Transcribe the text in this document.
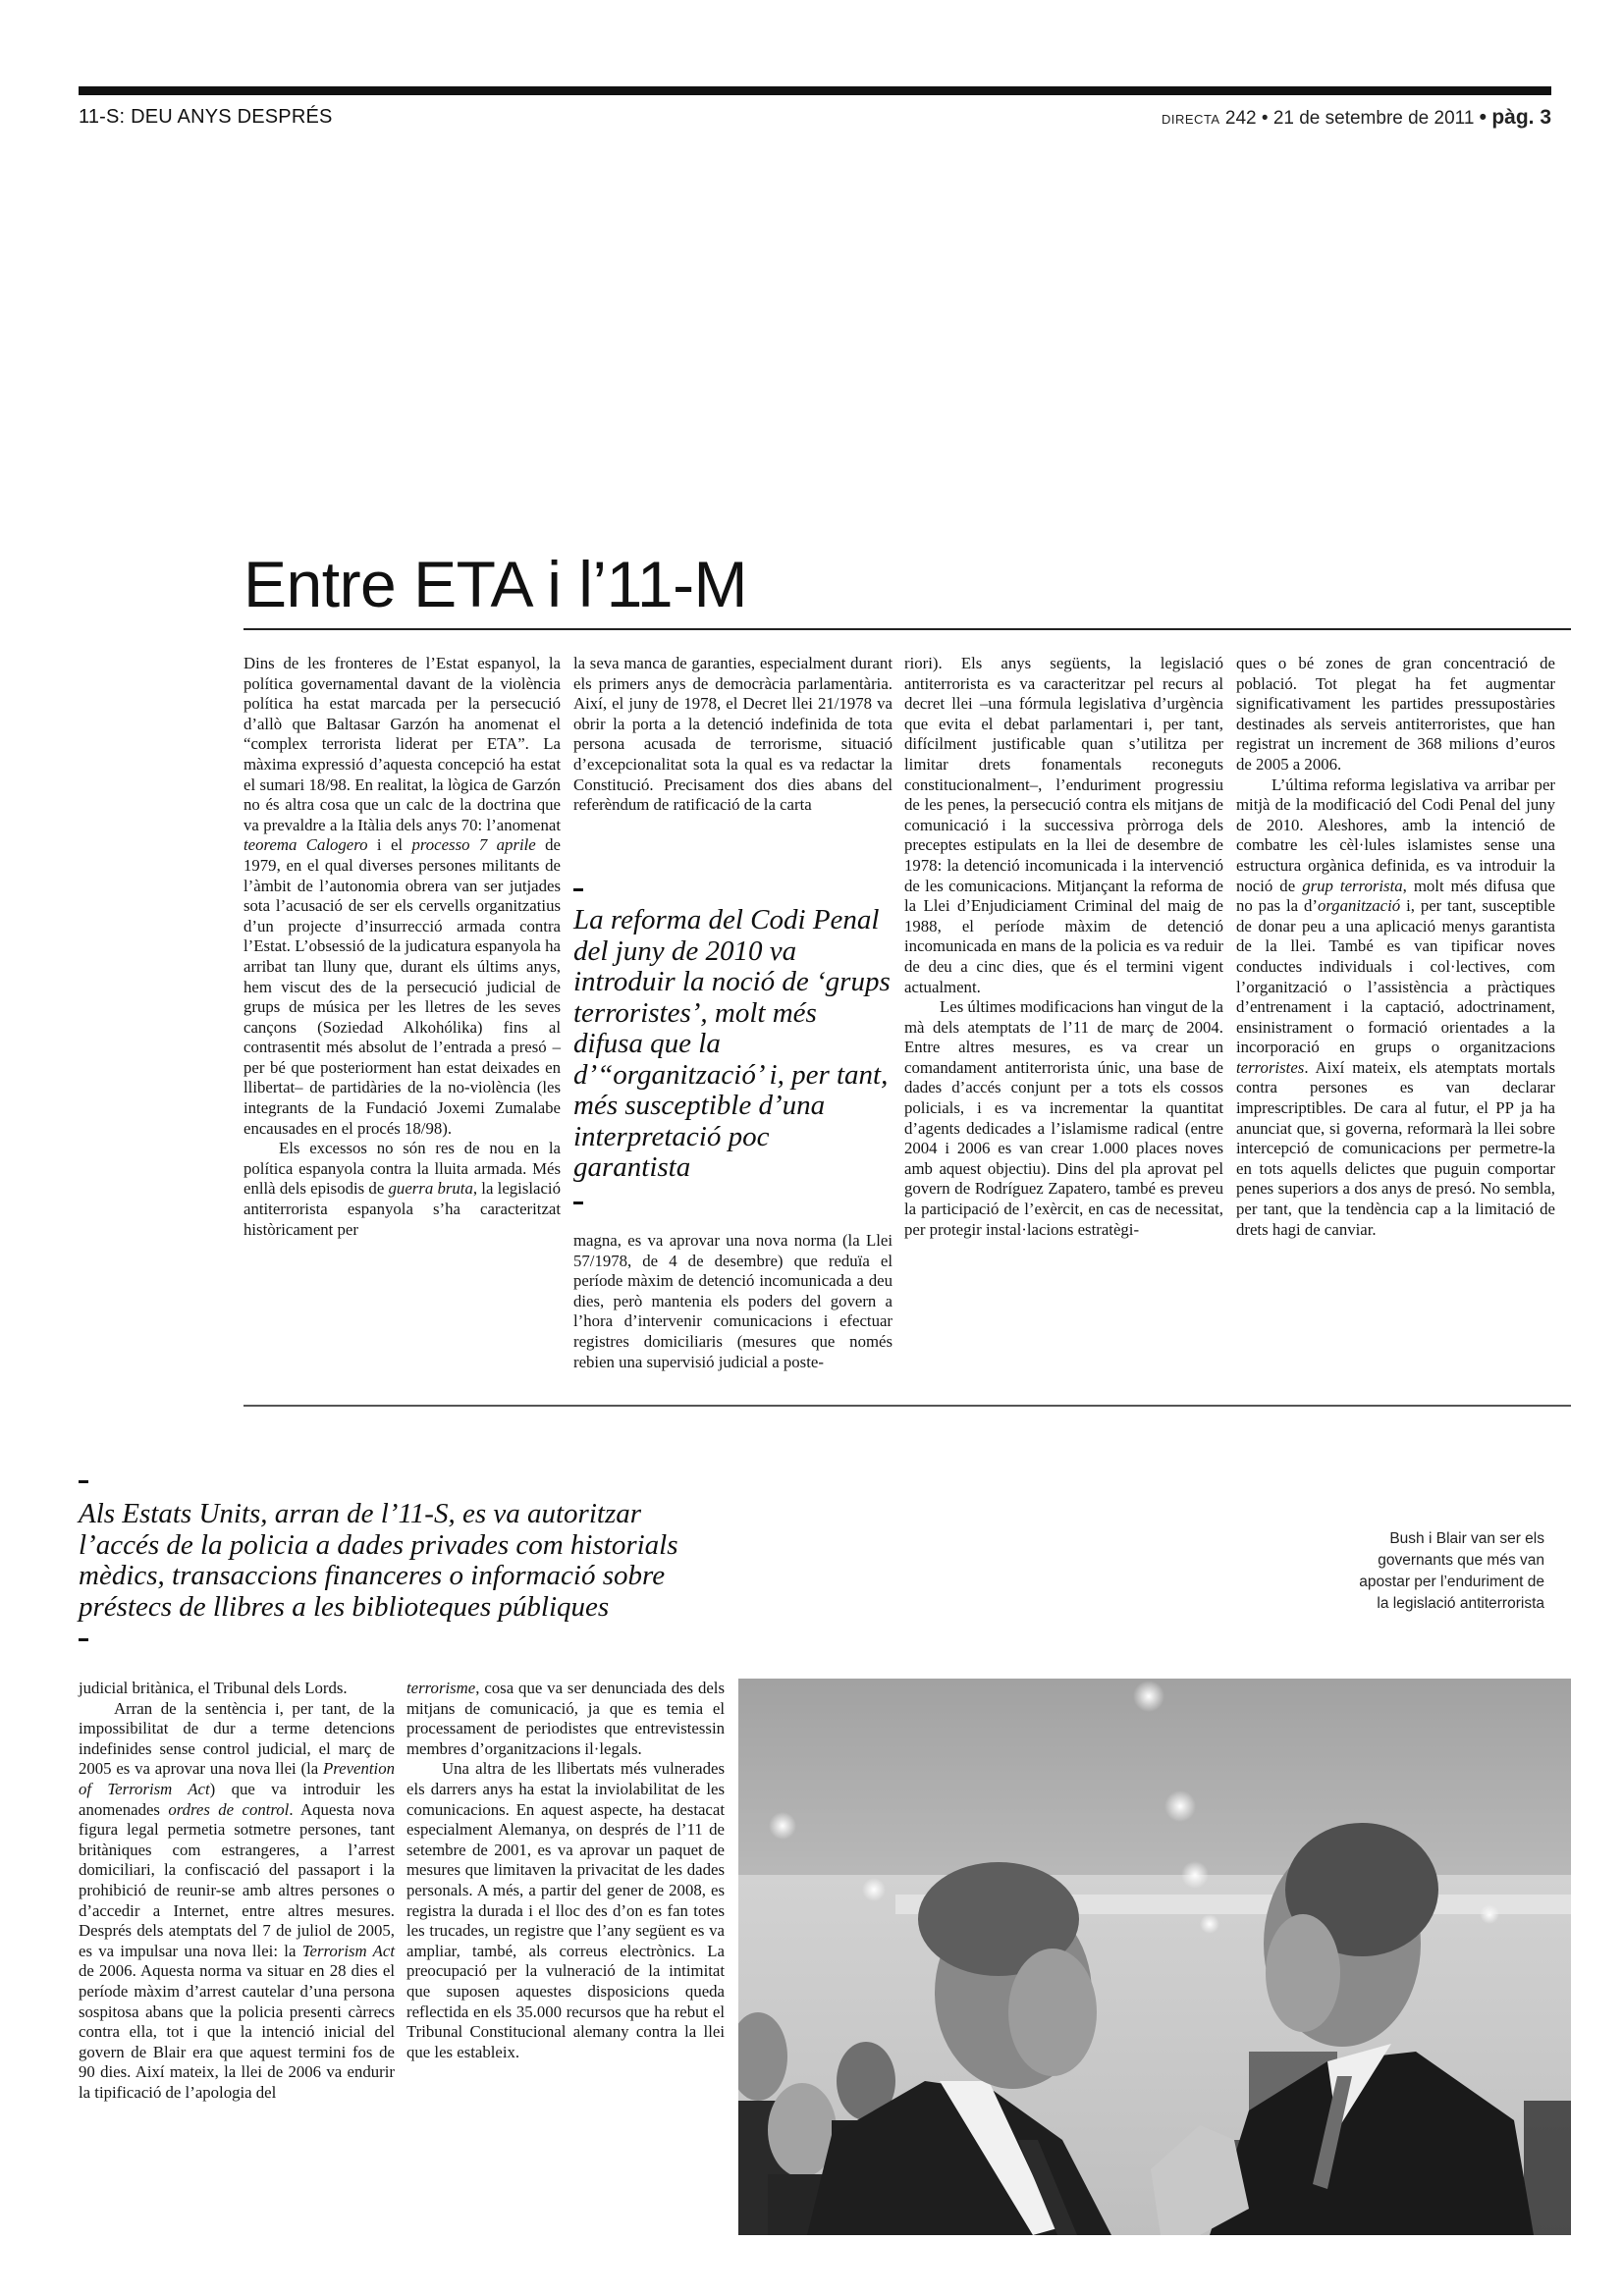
11-S: DEU ANYS DESPRÉS	DIRECTA 242 • 21 de setembre de 2011 • pàg. 3
Entre ETA i l’11-M

Dins de les fronteres de l’Estat espanyol, la política governamental davant de la violència política ha estat marcada per la persecució d’allò que Baltasar Garzón ha anomenat el “complex terrorista liderat per ETA”. La màxima expressió d’aquesta concepció ha estat el sumari 18/98. En realitat, la lògica de Garzón no és altra cosa que un calc de la doctrina que va prevaldre a la Itàlia dels anys 70: l’anomenat teorema Calogero i el processo 7 aprile de 1979, en el qual diverses persones militants de l’àmbit de l’autonomia obrera van ser jutjades sota l’acusació de ser els cervells organitzatius d’un projecte d’insurrecció armada contra l’Estat. L’obsessió de la judicatura espanyola ha arribat tan lluny que, durant els últims anys, hem viscut des de la persecució judicial de grups de música per les lletres de les seves cançons (Soziedad Alkohólika) fins al contrasentit més absolut de l’entrada a presó –per bé que posteriorment han estat deixades en llibertat– de partidàries de la no-violència (les integrants de la Fundació Joxemi Zumalabe encausades en el procés 18/98).

Els excessos no són res de nou en la política espanyola contra la lluita armada. Més enllà dels episodis de guerra bruta, la legislació antiterrorista espanyola s’ha caracteritzat històricament per

la seva manca de garanties, especialment durant els primers anys de democràcia parlamentària. Així, el juny de 1978, el Decret llei 21/1978 va obrir la porta a la detenció indefinida de tota persona acusada de terrorisme, situació d’excepcionalitat sota la qual es va redactar la Constitució. Precisament dos dies abans del referèndum de ratificació de la carta

La reforma del Codi Penal del juny de 2010 va introduir la noció de ‘grups terroristes’, molt més difusa que la d’“organització’ i, per tant, més susceptible d’una interpretació poc garantista

magna, es va aprovar una nova norma (la Llei 57/1978, de 4 de desembre) que reduïa el període màxim de detenció incomunicada a deu dies, però mantenia els poders del govern a l’hora d’intervenir comunicacions i efectuar registres domiciliaris (mesures que només rebien una supervisió judicial a poste-

riori). Els anys següents, la legislació antiterrorista es va caracteritzar pel recurs al decret llei –una fórmula legislativa d’urgència que evita el debat parlamentari i, per tant, difícilment justificable quan s’utilitza per limitar drets fonamentals reconeguts constitucionalment–, l’enduriment progressiu de les penes, la persecució contra els mitjans de comunicació i la successiva pròrroga dels preceptes estipulats en la llei de desembre de 1978: la detenció incomunicada i la intervenció de les comunicacions. Mitjançant la reforma de la Llei d’Enjudiciament Criminal del maig de 1988, el període màxim de detenció incomunicada en mans de la policia es va reduir de deu a cinc dies, que és el termini vigent actualment.

Les últimes modificacions han vingut de la mà dels atemptats de l’11 de març de 2004. Entre altres mesures, es va crear un comandament antiterrorista únic, una base de dades d’accés conjunt per a tots els cossos policials, i es va incrementar la quantitat d’agents dedicades a l’islamisme radical (entre 2004 i 2006 es van crear 1.000 places noves amb aquest objectiu). Dins del pla aprovat pel govern de Rodríguez Zapatero, també es preveu la participació de l’exèrcit, en cas de necessitat, per protegir instal·lacions estratègi-

ques o bé zones de gran concentració de població. Tot plegat ha fet augmentar significativament les partides pressupostàries destinades als serveis antiterroristes, que han registrat un increment de 368 milions d’euros de 2005 a 2006.

L’última reforma legislativa va arribar per mitjà de la modificació del Codi Penal del juny de 2010. Aleshores, amb la intenció de combatre les cèl·lules islamistes sense una estructura orgànica definida, es va introduir la noció de grup terrorista, molt més difusa que no pas la d’organització i, per tant, susceptible de donar peu a una aplicació menys garantista de la llei. També es van tipificar noves conductes individuals i col·lectives, com l’organització o l’assistència a pràctiques d’entrenament i la captació, adoctrinament, ensinistrament o formació orientades a la incorporació en grups o organitzacions terroristes. Així mateix, els atemptats mortals contra persones es van declarar imprescriptibles. De cara al futur, el PP ja ha anunciat que, si governa, reformarà la llei sobre intercepció de comunicacions per permetre-la en tots aquells delictes que puguin comportar penes superiors a dos anys de presó. No sembla, per tant, que la tendència cap a la limitació de drets hagi de canviar.

Als Estats Units, arran de l’11-S, es va autoritzar l’accés de la policia a dades privades com historials mèdics, transaccions financeres o informació sobre préstecs de llibres a les biblioteques públiques
Bush i Blair van ser els governants que més van apostar per l’enduriment de la legislació antiterrorista

judicial britànica, el Tribunal dels Lords.

Arran de la sentència i, per tant, de la impossibilitat de dur a terme detencions indefinides sense control judicial, el març de 2005 es va aprovar una nova llei (la Prevention of Terrorism Act) que va introduir les anomenades ordres de control. Aquesta nova figura legal permetia sotmetre persones, tant britàniques com estrangeres, a l’arrest domiciliari, la confiscació del passaport i la prohibició de reunir-se amb altres persones o d’accedir a Internet, entre altres mesures. Després dels atemptats del 7 de juliol de 2005, es va impulsar una nova llei: la Terrorism Act de 2006. Aquesta norma va situar en 28 dies el període màxim d’arrest cautelar d’una persona sospitosa abans que la policia presenti càrrecs contra ella, tot i que la intenció inicial del govern de Blair era que aquest termini fos de 90 dies. Així mateix, la llei de 2006 va endurir la tipificació de l’apologia del

terrorisme, cosa que va ser denunciada des dels mitjans de comunicació, ja que es temia el processament de periodistes que entrevistessin membres d’organitzacions il·legals.

Una altra de les llibertats més vulnerades els darrers anys ha estat la inviolabilitat de les comunicacions. En aquest aspecte, ha destacat especialment Alemanya, on després de l’11 de setembre de 2001, es va aprovar un paquet de mesures que limitaven la privacitat de les dades personals. A més, a partir del gener de 2008, es registra la durada i el lloc des d’on es fan totes les trucades, un registre que l’any següent es va ampliar, també, als correus electrònics. La preocupació per la vulneració de la intimitat que suposen aquestes disposicions queda reflectida en els 35.000 recursos que ha rebut el Tribunal Constitucional alemany contra la llei que les estableix.
